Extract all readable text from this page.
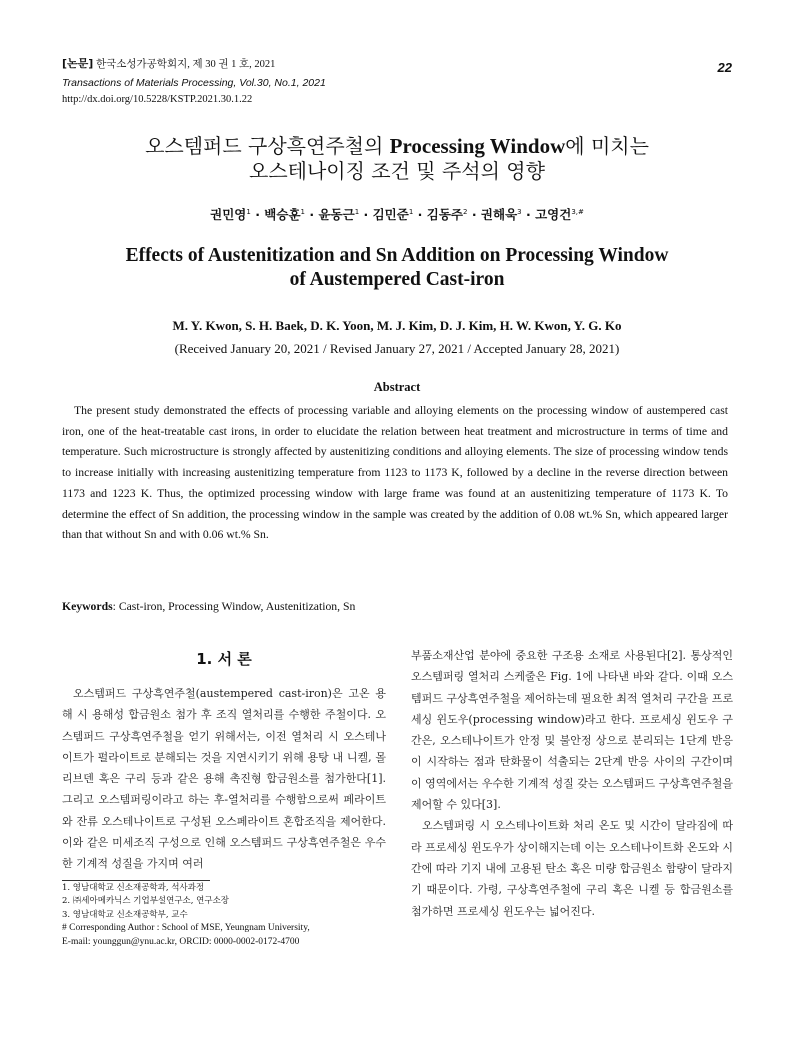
[논문] 한국소성가공학회지, 제 30 권 1 호, 2021
Transactions of Materials Processing, Vol.30, No.1, 2021
http://dx.doi.org/10.5228/KSTP.2021.30.1.22
22
오스템퍼드 구상흑연주철의 Processing Window에 미치는
오스테나이징 조건 및 주석의 영향
권민영$^1$ · 백승훈$^1$ · 윤동근$^1$ · 김민준$^1$ · 김동주$^2$ · 권해욱$^3$ · 고영건$^{3,\#}$
Effects of Austenitization and Sn Addition on Processing Window
of Austempered Cast-iron
M. Y. Kwon, S. H. Baek, D. K. Yoon, M. J. Kim, D. J. Kim, H. W. Kwon, Y. G. Ko
(Received January 20, 2021 / Revised January 27, 2021 / Accepted January 28, 2021)
Abstract
The present study demonstrated the effects of processing variable and alloying elements on the processing window of austempered cast iron, one of the heat-treatable cast irons, in order to elucidate the relation between heat treatment and microstructure in terms of time and temperature. Such microstructure is strongly affected by austenitizing conditions and alloying elements. The size of processing window tends to increase initially with increasing austenitizing temperature from 1123 to 1173 K, followed by a decline in the reverse direction between 1173 and 1223 K. Thus, the optimized processing window with large frame was found at an austenitizing temperature of 1173 K. To determine the effect of Sn addition, the processing window in the sample was created by the addition of 0.08 wt.% Sn, which appeared larger than that without Sn and with 0.06 wt.% Sn.
Keywords: Cast-iron, Processing Window, Austenitization, Sn
1. 서 론
오스템퍼드 구상흑연주철(austempered cast-iron)은 고온 용해 시 용해성 합금원소 첨가 후 조직 열처리를 수행한 주철이다. 오스템퍼드 구상흑연주철을 얻기 위해서는, 이전 열처리 시 오스테나이트가 펄라이트로 분해되는 것을 지연시키기 위해 용탕 내 니켈, 몰리브덴 혹은 구리 등과 같은 용해 촉진형 합금원소를 첨가한다[1]. 그리고 오스템퍼링이라고 하는 후-열처리를 수행함으로써 페라이트와 잔류 오스테나이트로 구성된 오스페라이트 혼합조직을 제어한다. 이와 같은 미세조직 구성으로 인해 오스템퍼드 구상흑연주철은 우수한 기계적 성질을 가지며 여러

부품소재산업 분야에 중요한 구조용 소재로 사용된다[2]. 통상적인 오스템퍼링 열처리 스케줄은 Fig. 1에 나타낸 바와 같다. 이때 오스템퍼드 구상흑연주철을 제어하는데 필요한 최적 열처리 구간을 프로세싱 윈도우(processing window)라고 한다. 프로세싱 윈도우 구간은, 오스테나이트가 안정 및 불안정 상으로 분리되는 1단계 반응이 시작하는 점과 탄화물이 석출되는 2단계 반응 사이의 구간이며 이 영역에서는 우수한 기계적 성질 갖는 오스템퍼드 구상흑연주철을 제어할 수 있다[3].

오스템퍼링 시 오스테나이트화 처리 온도 및 시간이 달라짐에 따라 프로세싱 윈도우가 상이해지는데 이는 오스테나이트화 온도와 시간에 따라 기지 내에 고용된 탄소 혹은 미량 합금원소 함량이 달라지기 때문이다. 가령, 구상흑연주철에 구리 혹은 니켈 등 합금원소를 첨가하면 프로세싱 윈도우는 넓어진다.

1. 영남대학교 신소재공학과, 석사과정
2. ㈜세아메카닉스 기업부설연구소, 연구소장
3. 영남대학교 신소재공학부, 교수
# Corresponding Author : School of MSE, Yeungnam University,
E-mail: younggun@ynu.ac.kr, ORCID: 0000-0002-0172-4700
